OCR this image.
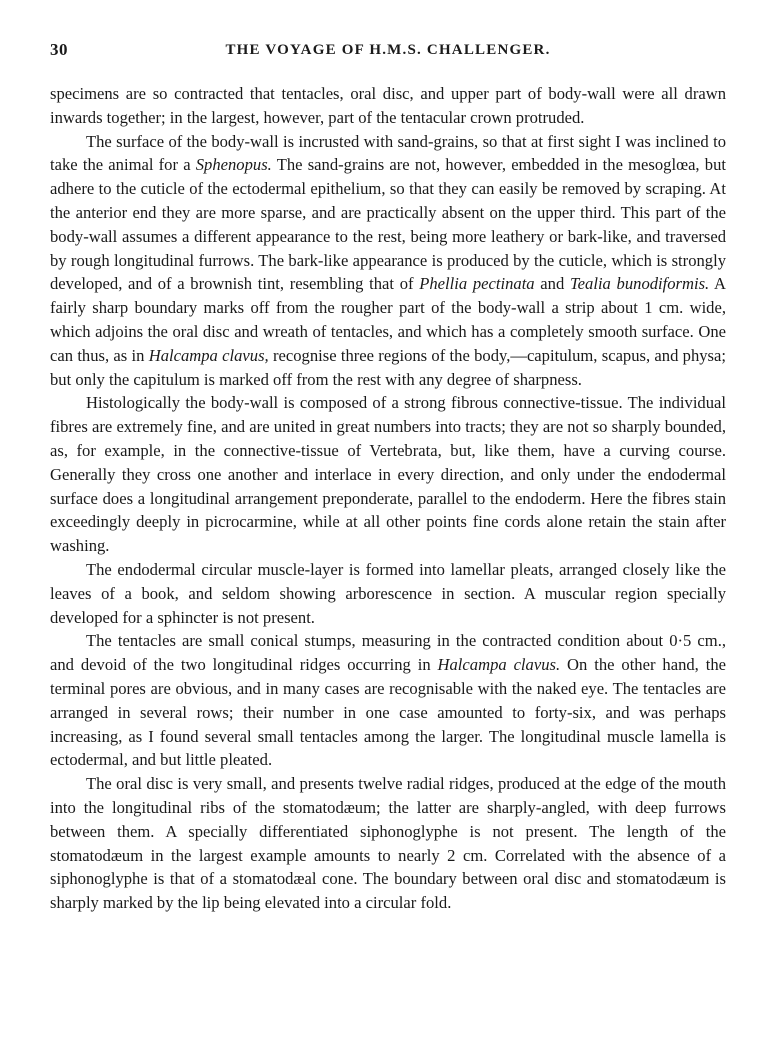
30	THE VOYAGE OF H.M.S. CHALLENGER.

specimens are so contracted that tentacles, oral disc, and upper part of body-wall were all drawn inwards together; in the largest, however, part of the tentacular crown protruded.

The surface of the body-wall is incrusted with sand-grains, so that at first sight I was inclined to take the animal for a Sphenopus. The sand-grains are not, however, embedded in the mesoglœa, but adhere to the cuticle of the ectodermal epithelium, so that they can easily be removed by scraping. At the anterior end they are more sparse, and are practically absent on the upper third. This part of the body-wall assumes a different appearance to the rest, being more leathery or bark-like, and traversed by rough longitudinal furrows. The bark-like appearance is produced by the cuticle, which is strongly developed, and of a brownish tint, resembling that of Phellia pectinata and Tealia bunodiformis. A fairly sharp boundary marks off from the rougher part of the body-wall a strip about 1 cm. wide, which adjoins the oral disc and wreath of tentacles, and which has a completely smooth surface. One can thus, as in Halcampa clavus, recognise three regions of the body,—capitulum, scapus, and physa; but only the capitulum is marked off from the rest with any degree of sharpness.

Histologically the body-wall is composed of a strong fibrous connective-tissue. The individual fibres are extremely fine, and are united in great numbers into tracts; they are not so sharply bounded, as, for example, in the connective-tissue of Vertebrata, but, like them, have a curving course. Generally they cross one another and interlace in every direction, and only under the endodermal surface does a longitudinal arrangement preponderate, parallel to the endoderm. Here the fibres stain exceedingly deeply in picrocarmine, while at all other points fine cords alone retain the stain after washing.

The endodermal circular muscle-layer is formed into lamellar pleats, arranged closely like the leaves of a book, and seldom showing arborescence in section. A muscular region specially developed for a sphincter is not present.

The tentacles are small conical stumps, measuring in the contracted condition about 0·5 cm., and devoid of the two longitudinal ridges occurring in Halcampa clavus. On the other hand, the terminal pores are obvious, and in many cases are recognisable with the naked eye. The tentacles are arranged in several rows; their number in one case amounted to forty-six, and was perhaps increasing, as I found several small tentacles among the larger. The longitudinal muscle lamella is ectodermal, and but little pleated.

The oral disc is very small, and presents twelve radial ridges, produced at the edge of the mouth into the longitudinal ribs of the stomatodæum; the latter are sharply-angled, with deep furrows between them. A specially differentiated siphonoglyphe is not present. The length of the stomatodæum in the largest example amounts to nearly 2 cm. Correlated with the absence of a siphonoglyphe is that of a stomatodæal cone. The boundary between oral disc and stomatodæum is sharply marked by the lip being elevated into a circular fold.
